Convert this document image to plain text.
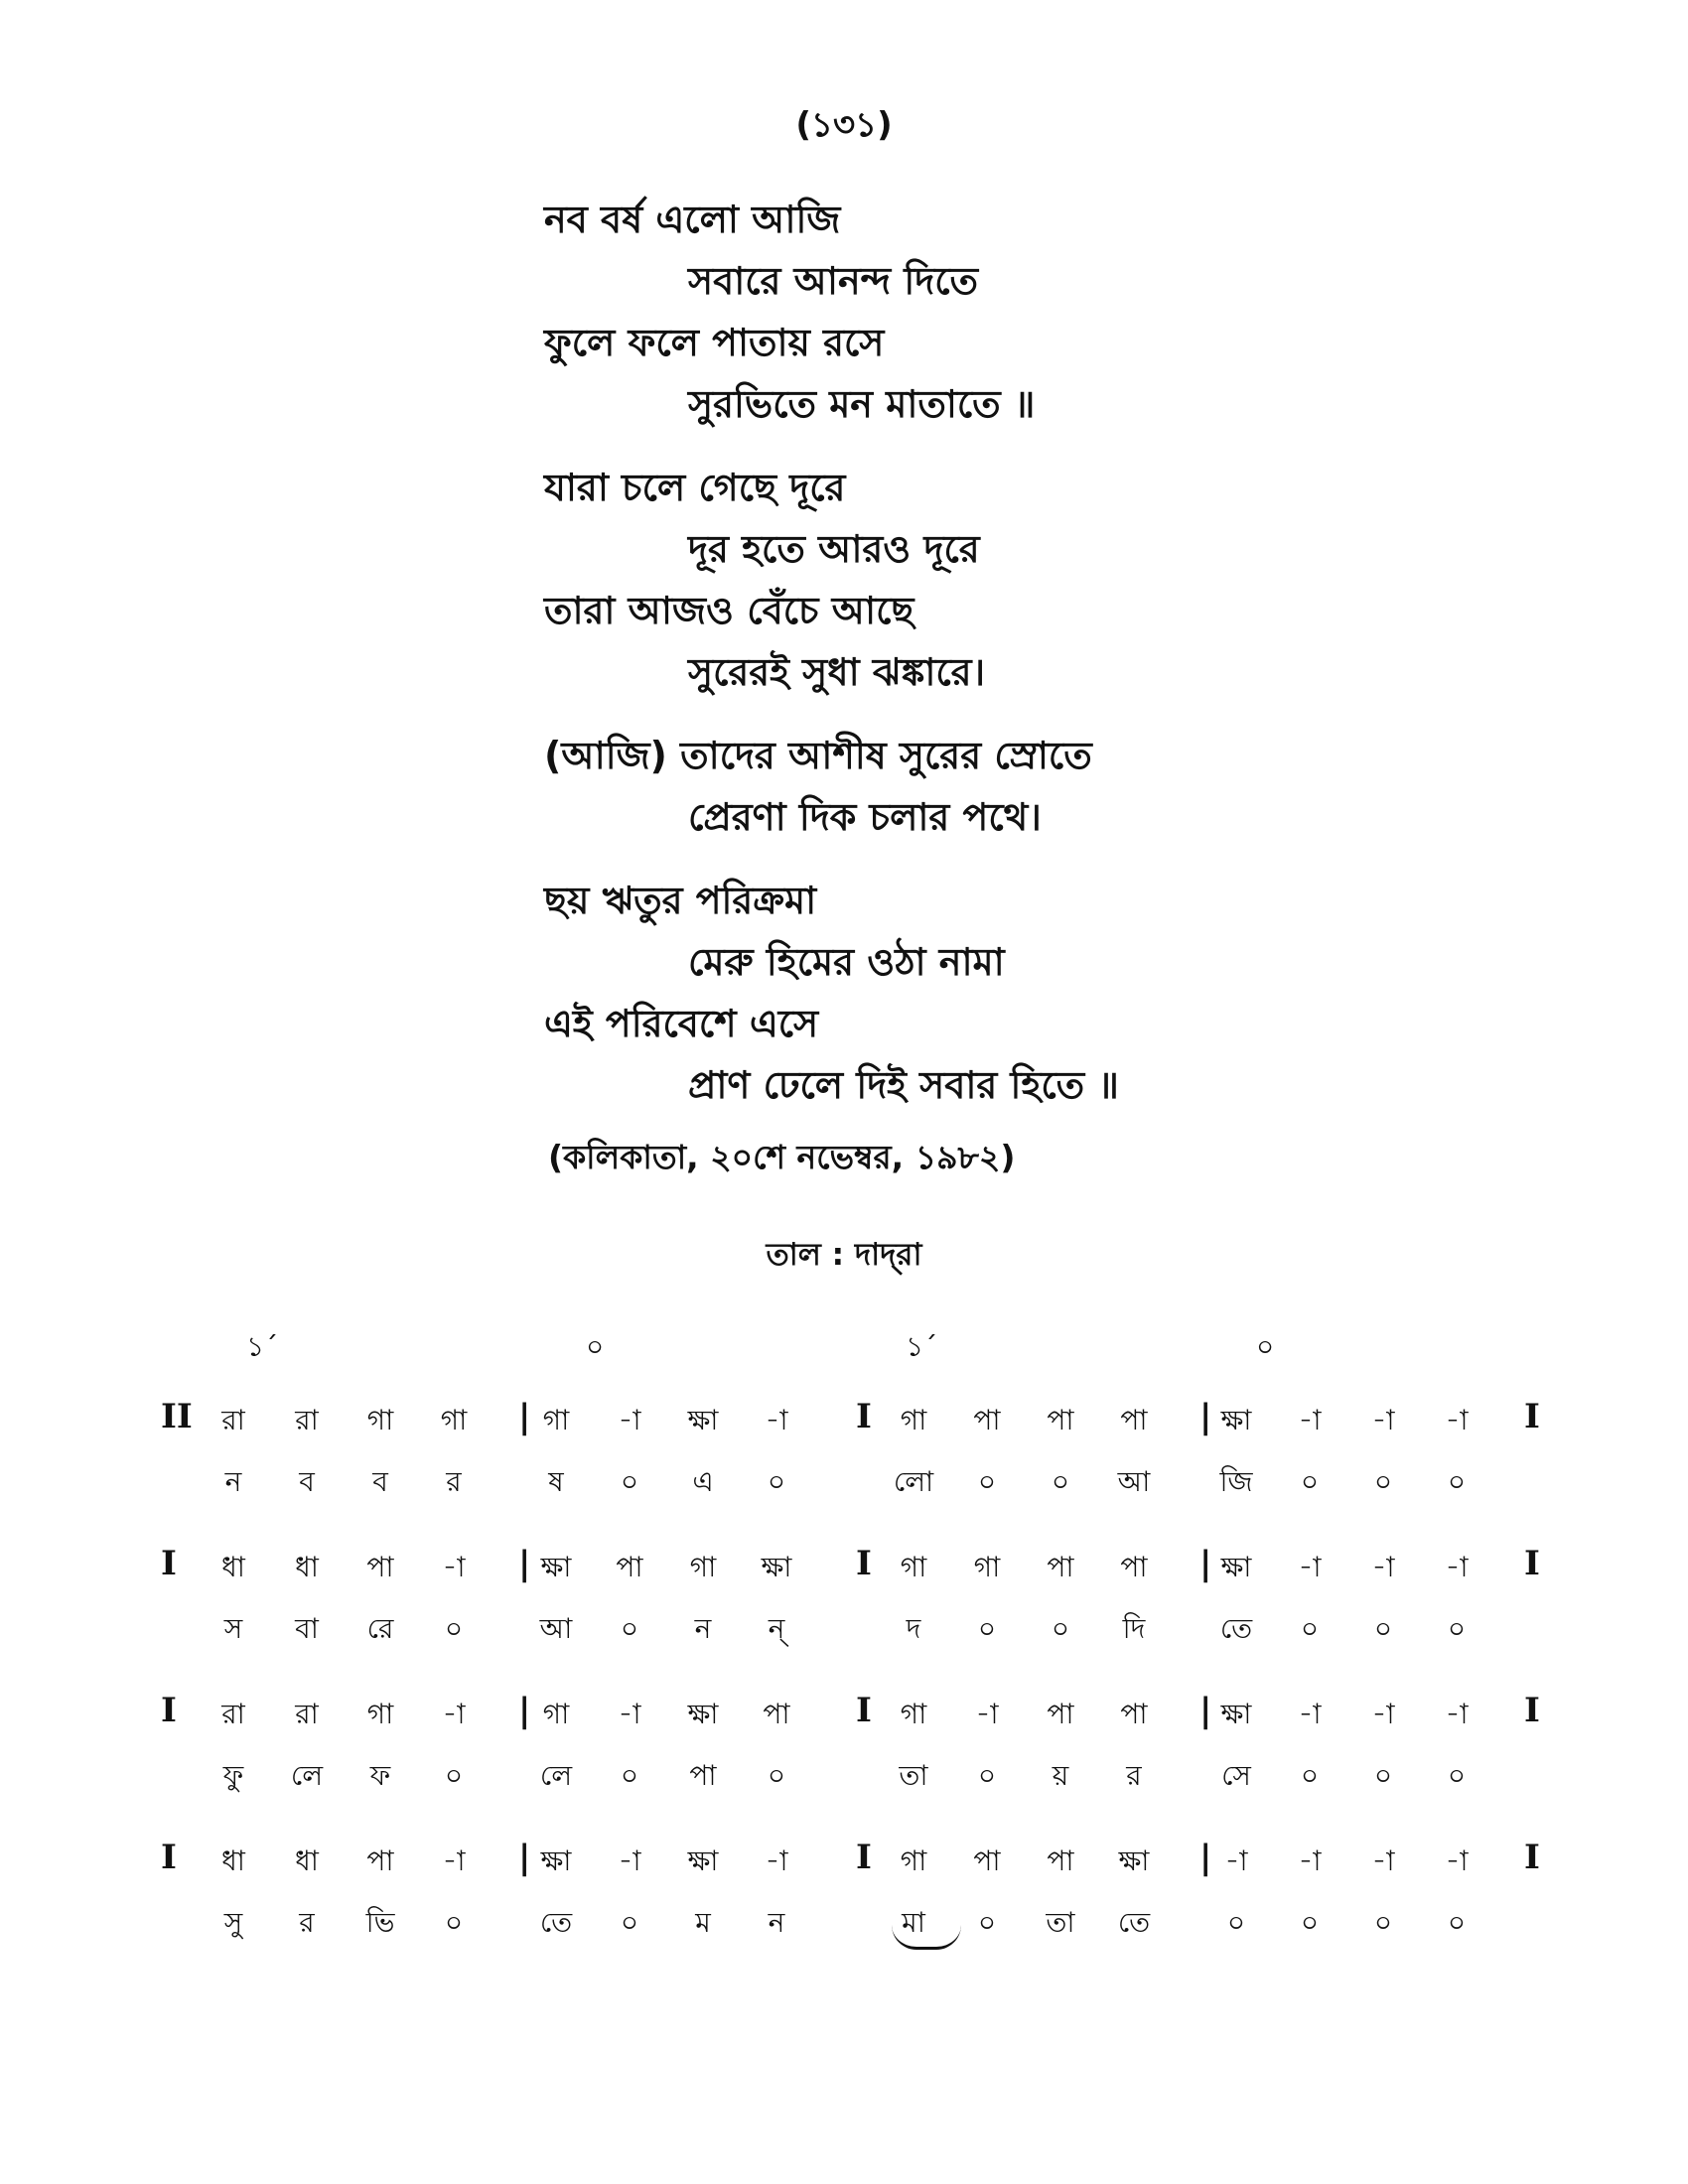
(১৩১)
নব বর্ষ এলো আজি
সবারে আনন্দ দিতে
ফুলে ফলে পাতায় রসে
সুরভিতে মন মাতাতে ॥
যারা চলে গেছে দূরে
দূর হতে আরও দূরে
তারা আজও বেঁচে আছে
সুরেরই সুধা ঝঙ্কারে।
(আজি) তাদের আশীষ সুরের স্রোতে
প্রেরণা দিক চলার পথে।
ছয় ঋতুর পরিক্রমা
মেরু হিমের ওঠা নামা
এই পরিবেশে এসে
প্রাণ ঢেলে দিই সবার হিতে ॥
(কলিকাতা, ২০শে নভেম্বর, ১৯৮২)
তাল : দাদ্‌রা
১´	০	১´	০
II	|	I	|	I
রা	রা	গা	গা	গা	-া	ক্ষা	-া	গা	পা	পা	পা	ক্ষা	-া	-া	-া
ন	ব	ব	র	ষ	০	এ	০	লো	০	০	আ	জি	০	০	০
I	|	I	|	I
ধা	ধা	পা	-া	ক্ষা	পা	গা	ক্ষা	গা	গা	পা	পা	ক্ষা	-া	-া	-া
স	বা	রে	০	আ	০	ন	ন্	দ	০	০	দি	তে	০	০	০
I	|	I	|	I
রা	রা	গা	-া	গা	-া	ক্ষা	পা	গা	-া	পা	পা	ক্ষা	-া	-া	-া
ফু	লে	ফ	০	লে	০	পা	০	তা	০	য়	র	সে	০	০	০
I	|	I	|	I
ধা	ধা	পা	-া	ক্ষা	-া	ক্ষা	-া	গা	পা	পা	ক্ষা	-া	-া	-া	-া
সু	র	ভি	০	তে	০	ম	ন	মা	০	তা	তে	০	০	০	০
